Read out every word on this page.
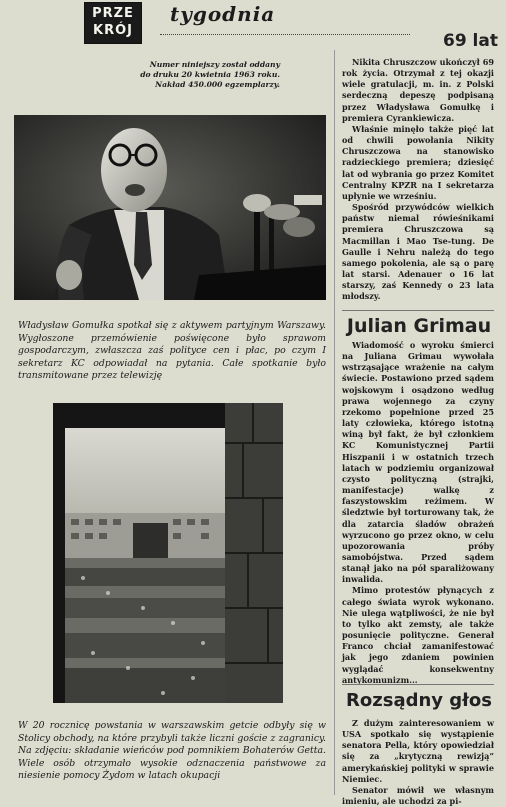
PRZE
KRÓJ
tygodnia
Numer niniejszy został oddany
do druku 20 kwietnia 1963 roku.
Nakład 450.000 egzemplarzy.
Władysław Gomułka spotkał się z aktywem partyjnym Warszawy. Wygłoszone przemówienie poświęcone było sprawom gospodarczym, zwłaszcza zaś polityce cen i płac, po czym I sekretarz KC odpowiadał na pytania. Całe spotkanie było transmitowane przez telewizję
W 20 rocznicę powstania w warszawskim getcie odbyły się w Stolicy obchody, na które przybyli także liczni goście z zagranicy. Na zdjęciu: składanie wieńców pod pomnikiem Bohaterów Getta. Wiele osób otrzymało wysokie odznaczenia państwowe za niesienie pomocy Żydom w latach okupacji
69 lat

Nikita Chruszczow ukończył 69 rok życia. Otrzymał z tej okazji wiele gratulacji, m. in. z Polski serdeczną depeszę podpisaną przez Władysława Gomułkę i premiera Cyrankiewicza.

Właśnie minęło także pięć lat od chwili powołania Nikity Chruszczowa na stanowisko radzieckiego premiera; dziesięć lat od wybrania go przez Komitet Centralny KPZR na I sekretarza upłynie we wrześniu.

Spośród przywódców wielkich państw niemal rówieśnikami premiera Chruszczowa są Macmillan i Mao Tse-tung. De Gaulle i Nehru należą do tego samego pokolenia, ale są o parę lat starsi. Adenauer o 16 lat starszy, zaś Kennedy o 23 lata młodszy.

Julian Grimau

Wiadomość o wyroku śmierci na Juliana Grimau wywołała wstrząsające wrażenie na całym świecie. Postawiono przed sądem wojskowym i osądzono według prawa wojennego za czyny rzekomo popełnione przed 25 laty człowieka, którego istotną winą był fakt, że był członkiem KC Komunistycznej Partii Hiszpanii i w ostatnich trzech latach w podziemiu organizował czysto polityczną (strajki, manifestacje) walkę z faszystowskim reżimem. W śledztwie był torturowany tak, że dla zatarcia śladów obrażeń wyrzucono go przez okno, w celu upozorowania próby samobójstwa. Przed sądem stanął jako na pół sparaliżowany inwalida.

Mimo protestów płynących z całego świata wyrok wykonano. Nie ulega wątpliwości, że nie był to tylko akt zemsty, ale także posunięcie polityczne. Generał Franco chciał zamanifestować jak jego zdaniem powinien wyglądać konsekwentny antykomunizm...

Rozsądny głos

Z dużym zainteresowaniem w USA spotkało się wystąpienie senatora Pella, który opowiedział się za „krytyczną rewizją” amerykańskiej polityki w sprawie Niemiec.

Senator mówił we własnym imieniu, ale uchodzi za pi-
